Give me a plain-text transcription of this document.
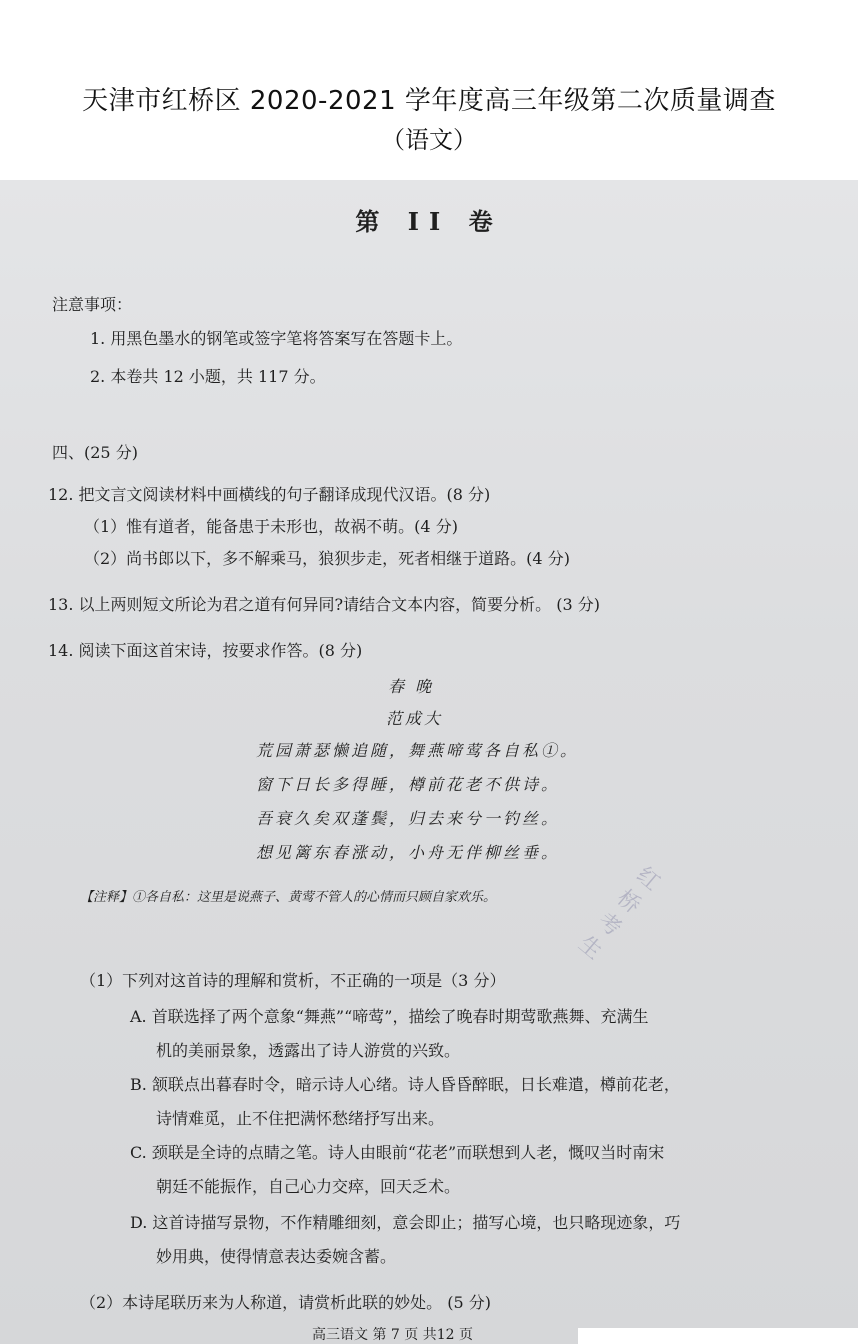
天津市红桥区 2020-2021 学年度高三年级第二次质量调查
（语文）
第 II 卷
注意事项：
1. 用黑色墨水的钢笔或签字笔将答案写在答题卡上。
2. 本卷共 12 小题，共 117 分。
四、(25 分)
12. 把文言文阅读材料中画横线的句子翻译成现代汉语。(8 分)
（1）惟有道者，能备患于未形也，故祸不萌。(4 分)
（2）尚书郎以下，多不解乘马，狼狈步走，死者相继于道路。(4 分)
13. 以上两则短文所论为君之道有何异同?请结合文本内容，简要分析。 (3 分)
14. 阅读下面这首宋诗，按要求作答。(8 分)
春 晚
范成大
荒园萧瑟懒追随，舞燕啼莺各自私①。
窗下日长多得睡，樽前花老不供诗。
吾衰久矣双蓬鬓，归去来兮一钓丝。
想见篱东春涨动，小舟无伴柳丝垂。
【注释】①各自私：这里是说燕子、黄莺不管人的心情而只顾自家欢乐。
（1）下列对这首诗的理解和赏析，不正确的一项是（3 分）
A. 首联选择了两个意象“舞燕”“啼莺”，描绘了晚春时期莺歌燕舞、充满生
机的美丽景象，透露出了诗人游赏的兴致。
B. 颔联点出暮春时令，暗示诗人心绪。诗人昏昏醉眠，日长难遣，樽前花老，
诗情难觅，止不住把满怀愁绪抒写出来。
C. 颈联是全诗的点睛之笔。诗人由眼前“花老”而联想到人老，慨叹当时南宋
朝廷不能振作，自己心力交瘁，回天乏术。
D. 这首诗描写景物，不作精雕细刻，意会即止；描写心境，也只略现迹象，巧
妙用典，使得情意表达委婉含蓄。
（2）本诗尾联历来为人称道，请赏析此联的妙处。 (5 分)
高三语文 第 7 页 共12 页
红桥考生
